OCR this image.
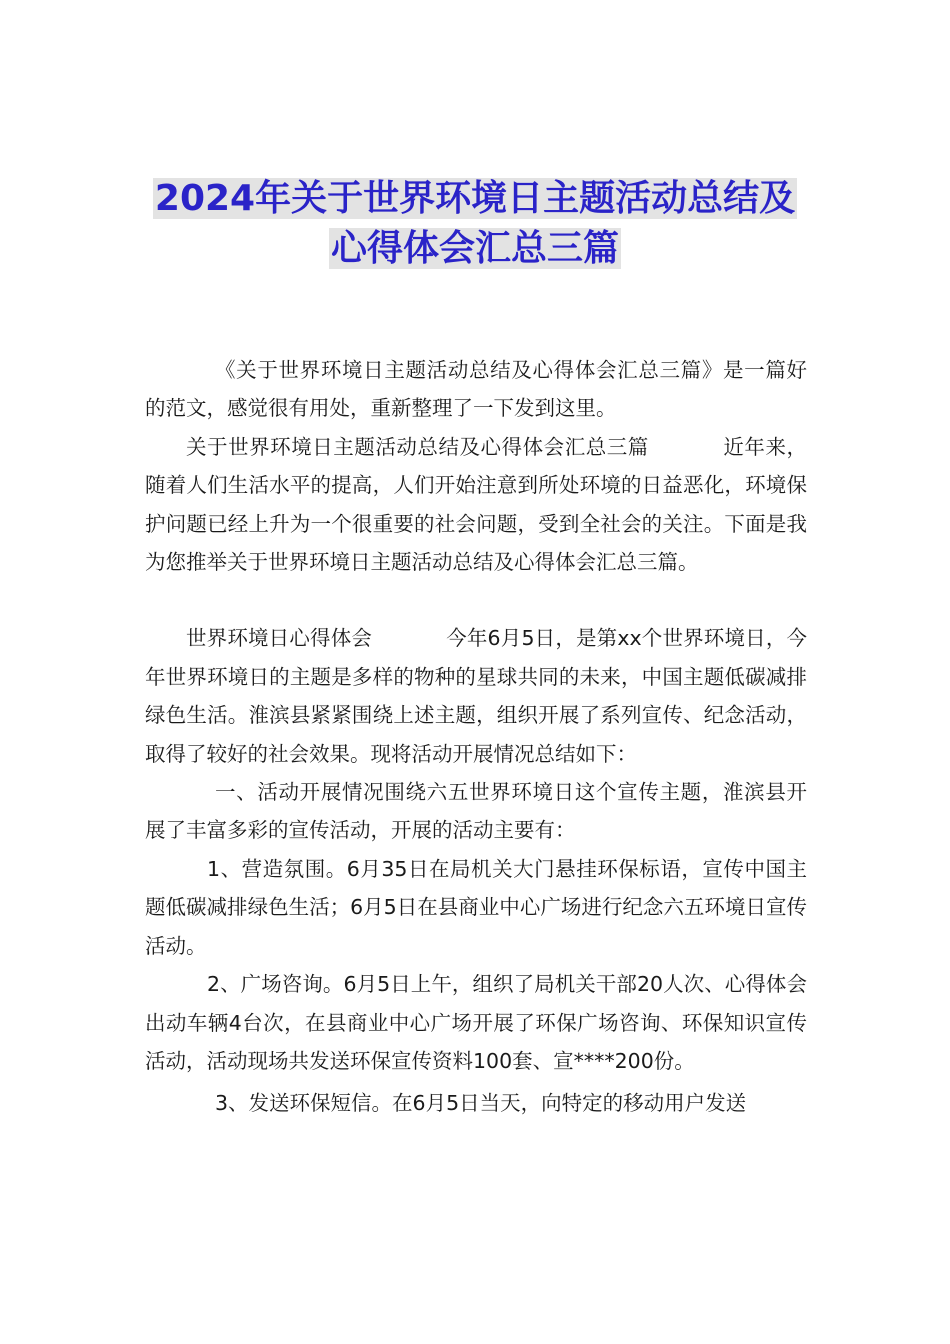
2024年关于世界环境日主题活动总结及
心得体会汇总三篇

《关于世界环境日主题活动总结及心得体会汇总三篇》是一篇好的范文，感觉很有用处，重新整理了一下发到这里。

关于世界环境日主题活动总结及心得体会汇总三篇	近年来，随着人们生活水平的提高，人们开始注意到所处环境的日益恶化，环境保护问题已经上升为一个很重要的社会问题，受到全社会的关注。下面是我为您推举关于世界环境日主题活动总结及心得体会汇总三篇。

世界环境日心得体会	今年6月5日，是第xx个世界环境日，今年世界环境日的主题是多样的物种的星球共同的未来，中国主题低碳减排绿色生活。淮滨县紧紧围绕上述主题，组织开展了系列宣传、纪念活动，取得了较好的社会效果。现将活动开展情况总结如下：

一、活动开展情况围绕六五世界环境日这个宣传主题，淮滨县开展了丰富多彩的宣传活动，开展的活动主要有：

1、营造氛围。6月35日在局机关大门悬挂环保标语，宣传中国主题低碳减排绿色生活；6月5日在县商业中心广场进行纪念六五环境日宣传活动。

2、广场咨询。6月5日上午，组织了局机关干部20人次、心得体会出动车辆4台次，在县商业中心广场开展了环保广场咨询、环保知识宣传活动，活动现场共发送环保宣传资料100套、宣****200份。

3、发送环保短信。在6月5日当天，向特定的移动用户发送
